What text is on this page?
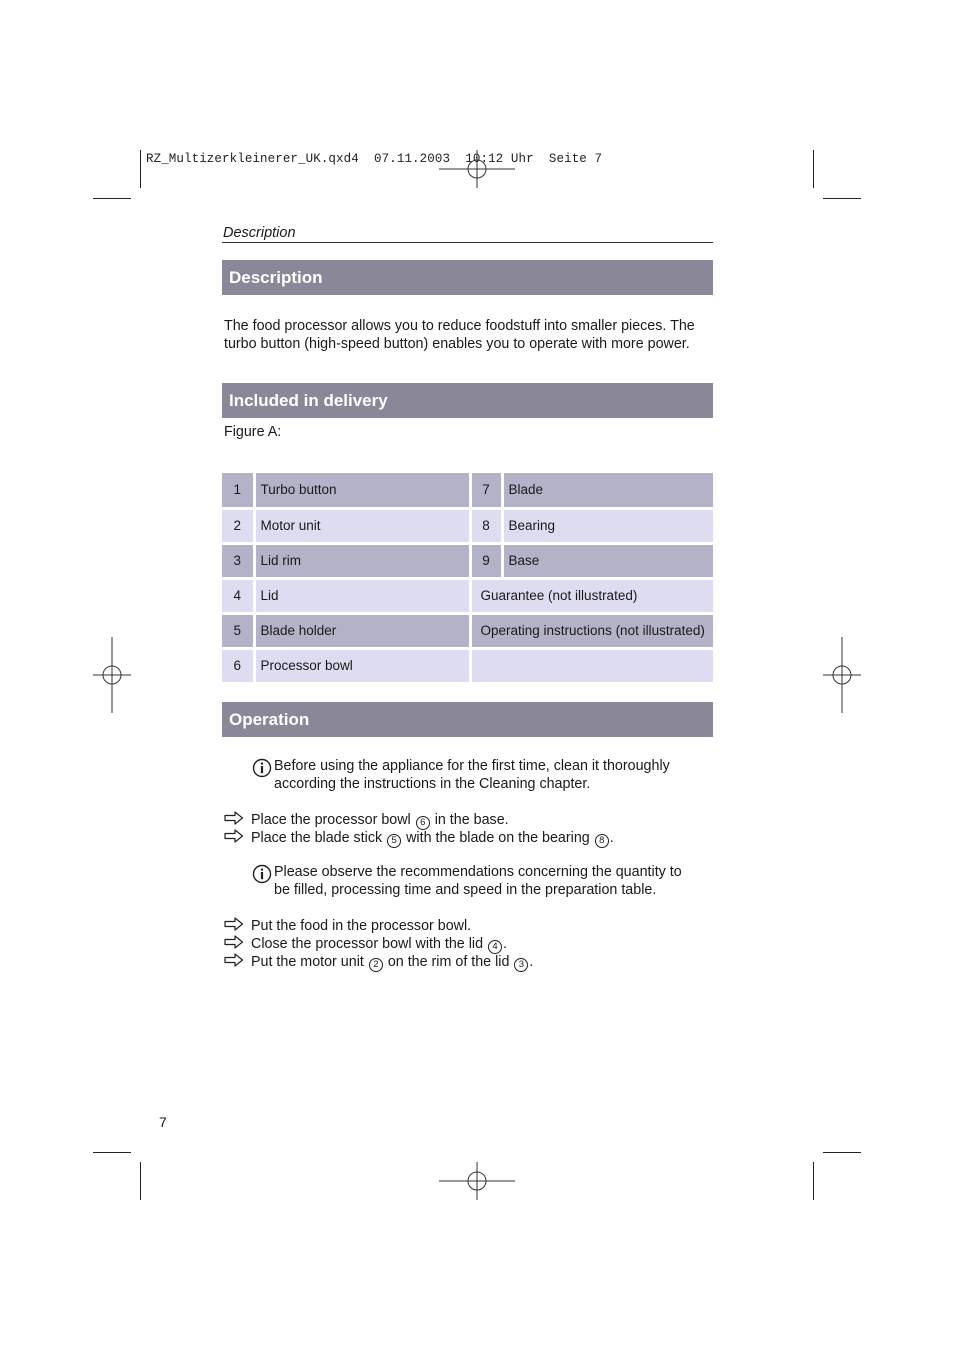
RZ_Multizerkleinerer_UK.qxd4 07.11.2003 10:12 Uhr Seite 7
Description
Description
The food processor allows you to reduce foodstuff into smaller pieces. The
turbo button (high-speed button) enables you to operate with more power.
Included in delivery
Figure A:
1	Turbo button	7	Blade
2	Motor unit	8	Bearing
3	Lid rim	9	Base
4	Lid	Guarantee (not illustrated)	
5	Blade holder	Operating instructions (not illustrated)	
6	Processor bowl		
Operation
Before using the appliance for the first time, clean it thoroughly
according the instructions in the Cleaning chapter.
Place the processor bowl 6 in the base.
Place the blade stick 5 with the blade on the bearing 8 .
Please observe the recommendations concerning the quantity to
be filled, processing time and speed in the preparation table.
Put the food in the processor bowl.
Close the processor bowl with the lid 4 .
Put the motor unit 2 on the rim of the lid 3 .
7
